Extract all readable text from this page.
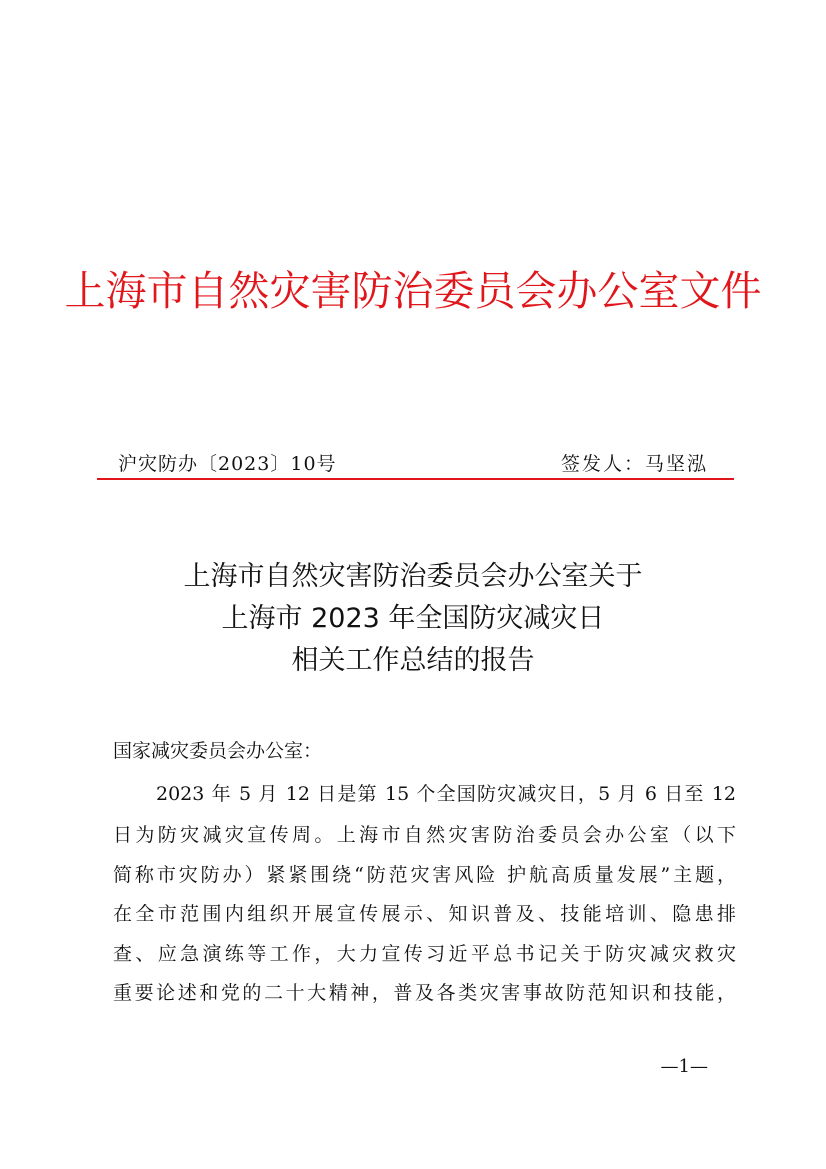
上海市自然灾害防治委员会办公室文件
沪灾防办〔2023〕10号	签发人：马坚泓
上海市自然灾害防治委员会办公室关于
上海市 2023 年全国防灾减灾日
相关工作总结的报告
国家减灾委员会办公室：
2023 年 5 月 12 日是第 15 个全国防灾减灾日，5 月 6 日至 12
日为防灾减灾宣传周。上海市自然灾害防治委员会办公室（以下
简称市灾防办）紧紧围绕“防范灾害风险 护航高质量发展”主题，
在全市范围内组织开展宣传展示、知识普及、技能培训、隐患排
查、应急演练等工作，大力宣传习近平总书记关于防灾减灾救灾
重要论述和党的二十大精神，普及各类灾害事故防范知识和技能，
—1—
